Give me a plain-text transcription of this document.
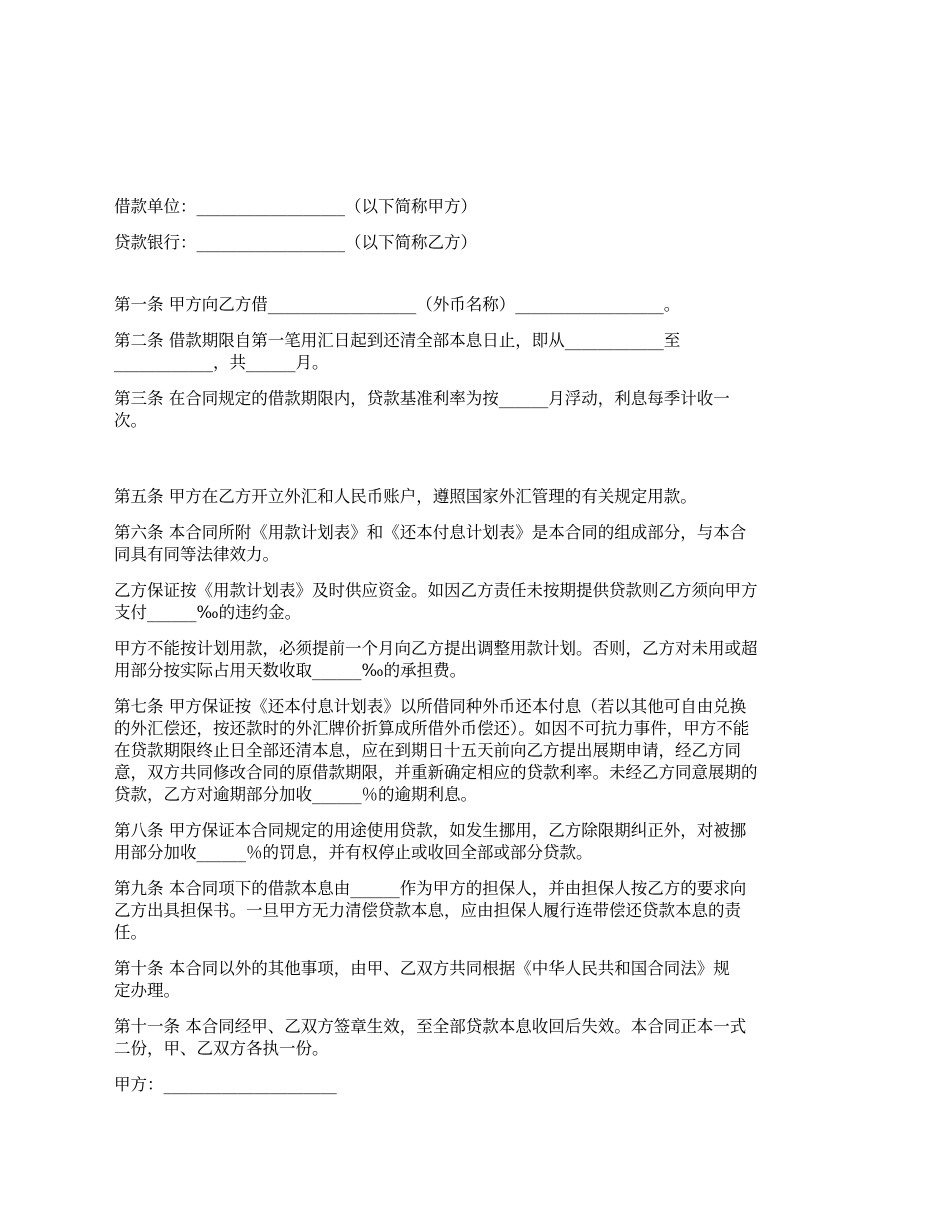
借款单位：__________________（以下简称甲方）

贷款银行：__________________（以下简称乙方）

第一条 甲方向乙方借__________________（外币名称）__________________。

第二条 借款期限自第一笔用汇日起到还清全部本息日止，即从____________至
____________，共______月。

第三条 在合同规定的借款期限内，贷款基准利率为按______月浮动，利息每季计收一
次。

第五条 甲方在乙方开立外汇和人民币账户，遵照国家外汇管理的有关规定用款。

第六条 本合同所附《用款计划表》和《还本付息计划表》是本合同的组成部分，与本合
同具有同等法律效力。

乙方保证按《用款计划表》及时供应资金。如因乙方责任未按期提供贷款则乙方须向甲方
支付______‰的违约金。

甲方不能按计划用款，必须提前一个月向乙方提出调整用款计划。否则，乙方对未用或超
用部分按实际占用天数收取______‰的承担费。

第七条 甲方保证按《还本付息计划表》以所借同种外币还本付息（若以其他可自由兑换
的外汇偿还，按还款时的外汇牌价折算成所借外币偿还）。如因不可抗力事件，甲方不能
在贷款期限终止日全部还清本息，应在到期日十五天前向乙方提出展期申请，经乙方同
意，双方共同修改合同的原借款期限，并重新确定相应的贷款利率。未经乙方同意展期的
贷款，乙方对逾期部分加收______％的逾期利息。

第八条 甲方保证本合同规定的用途使用贷款，如发生挪用，乙方除限期纠正外，对被挪
用部分加收______％的罚息，并有权停止或收回全部或部分贷款。

第九条 本合同项下的借款本息由______作为甲方的担保人，并由担保人按乙方的要求向
乙方出具担保书。一旦甲方无力清偿贷款本息，应由担保人履行连带偿还贷款本息的责
任。

第十条 本合同以外的其他事项，由甲、乙双方共同根据《中华人民共和国合同法》规
定办理。

第十一条 本合同经甲、乙双方签章生效，至全部贷款本息收回后失效。本合同正本一式
二份，甲、乙双方各执一份。

甲方：_____________________
